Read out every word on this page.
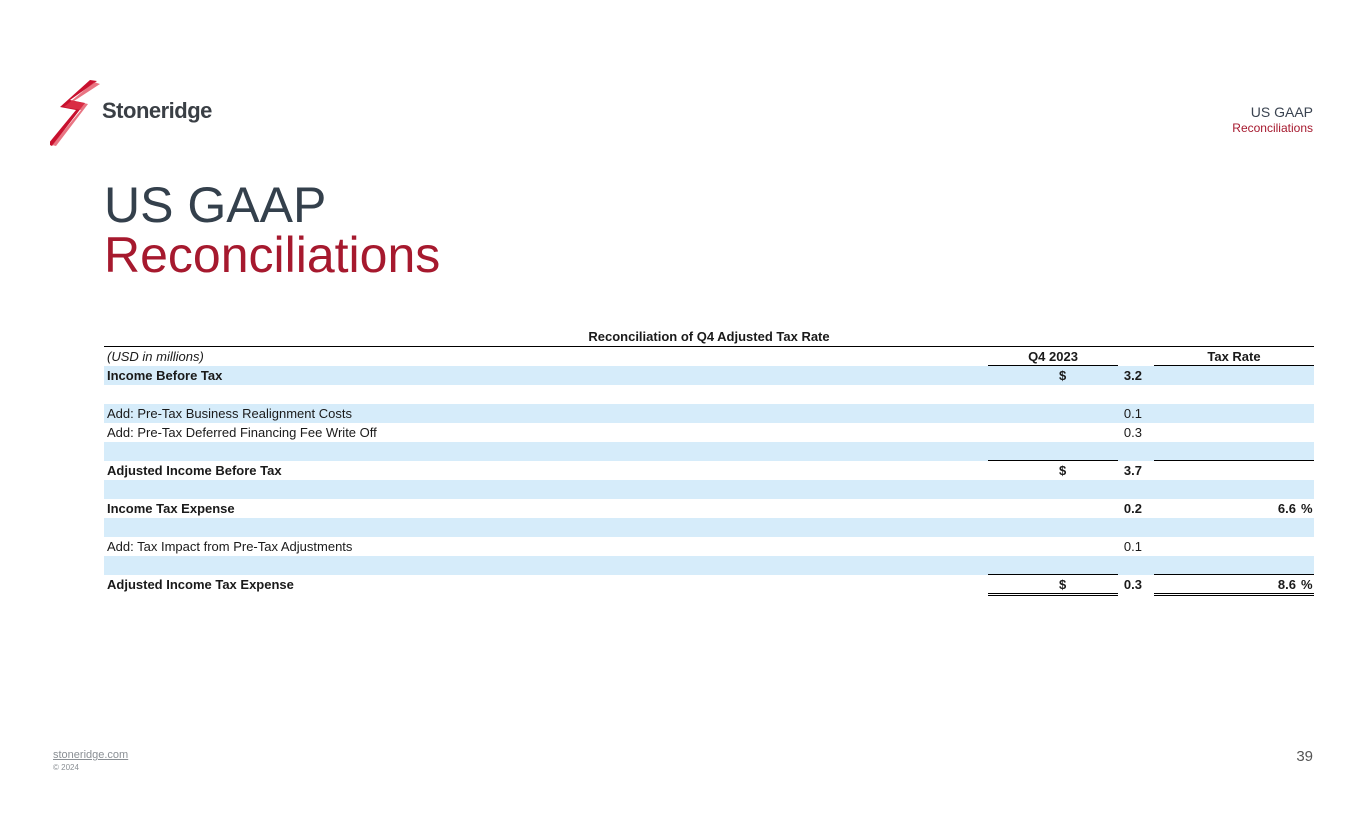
Stoneridge	US GAAP
Reconciliations
US GAAP
Reconciliations
Reconciliation of Q4 Adjusted Tax Rate
(USD in millions)	Q4 2023	Tax Rate
Income Before Tax	$	3.2
Add: Pre-Tax Business Realignment Costs	0.1
Add: Pre-Tax Deferred Financing Fee Write Off	0.3
Adjusted Income Before Tax	$	3.7
Income Tax Expense	0.2	6.6 %
Add: Tax Impact from Pre-Tax Adjustments	0.1
Adjusted Income Tax Expense	$	0.3	8.6 %
stoneridge.com
© 2024
39
